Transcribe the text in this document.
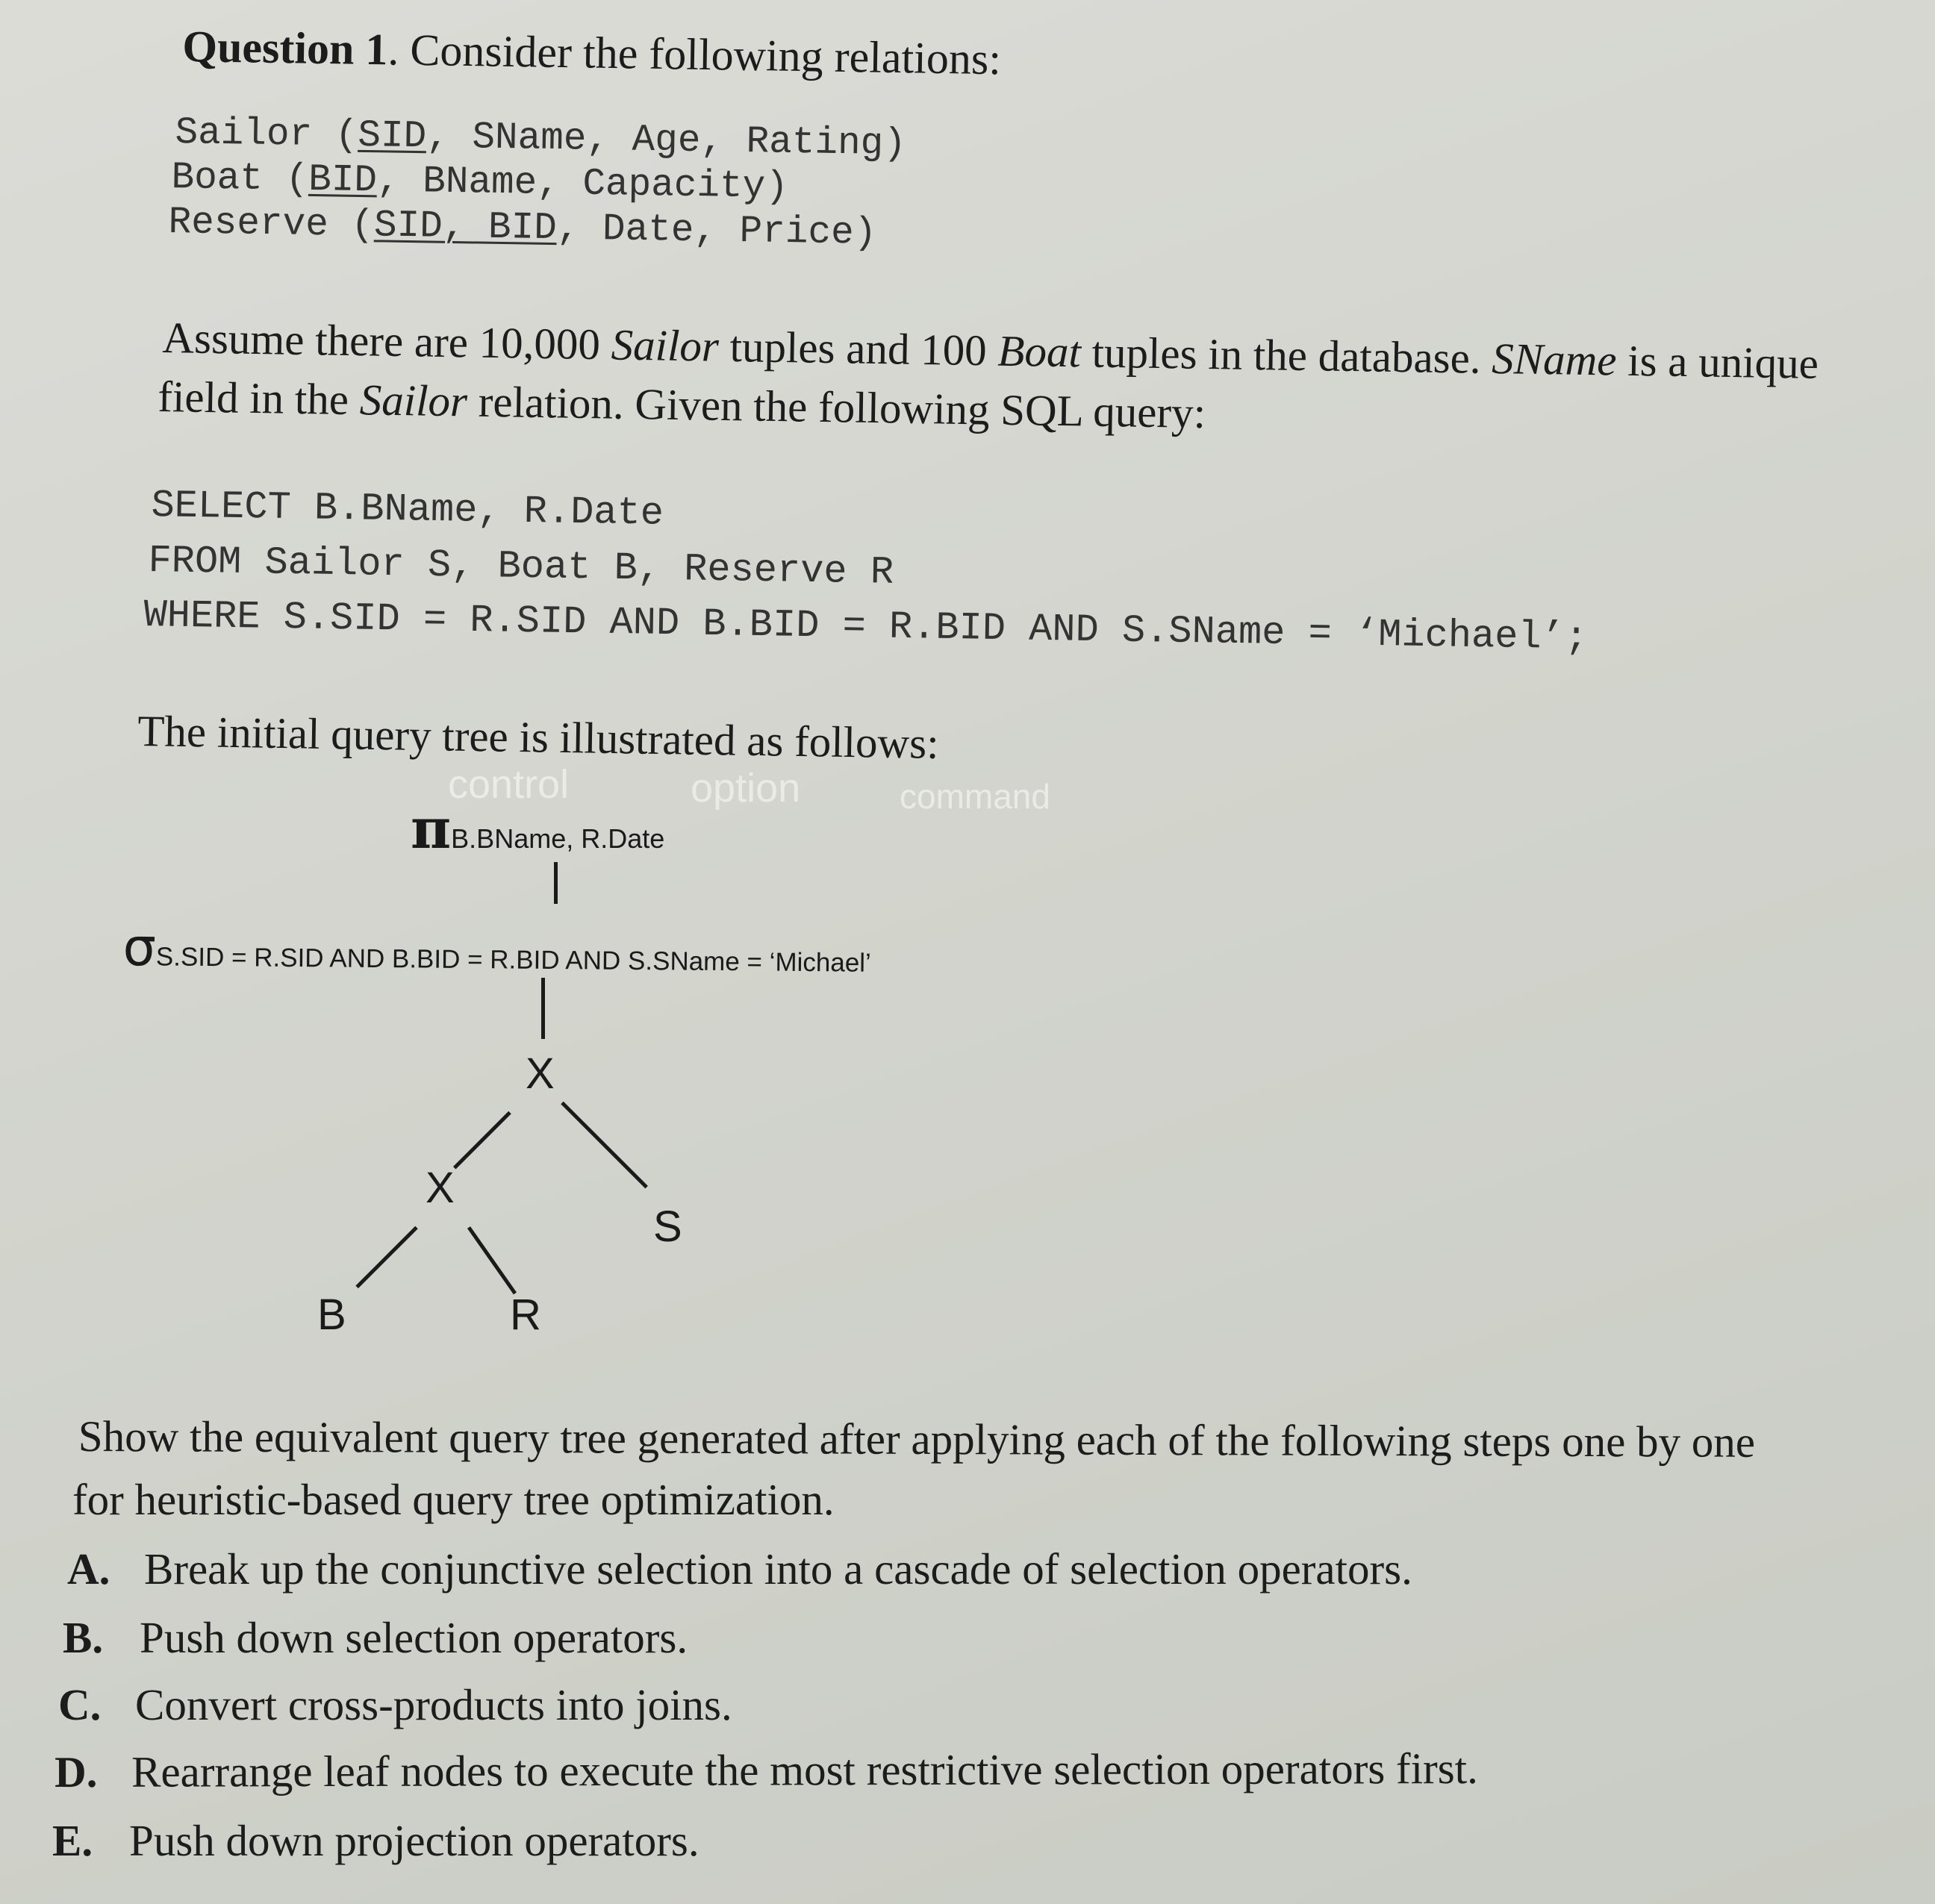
Question 1. Consider the following relations:
Sailor (SID, SName, Age, Rating)
Boat (BID, BName, Capacity)
Reserve (SID, BID, Date, Price)
Assume there are 10,000 Sailor tuples and 100 Boat tuples in the database. SName is a unique
field in the Sailor relation. Given the following SQL query:
SELECT B.BName, R.Date
FROM Sailor S, Boat B, Reserve R
WHERE S.SID = R.SID AND B.BID = R.BID AND S.SName = ‘Michael’;
The initial query tree is illustrated as follows:
control	option	command
πB.BName, R.Date
σS.SID = R.SID AND B.BID = R.BID AND S.SName = ‘Michael’
X
X
S
B	R
Show the equivalent query tree generated after applying each of the following steps one by one
for heuristic-based query tree optimization.
A. Break up the conjunctive selection into a cascade of selection operators.
B. Push down selection operators.
C. Convert cross-products into joins.
D. Rearrange leaf nodes to execute the most restrictive selection operators first.
E. Push down projection operators.
